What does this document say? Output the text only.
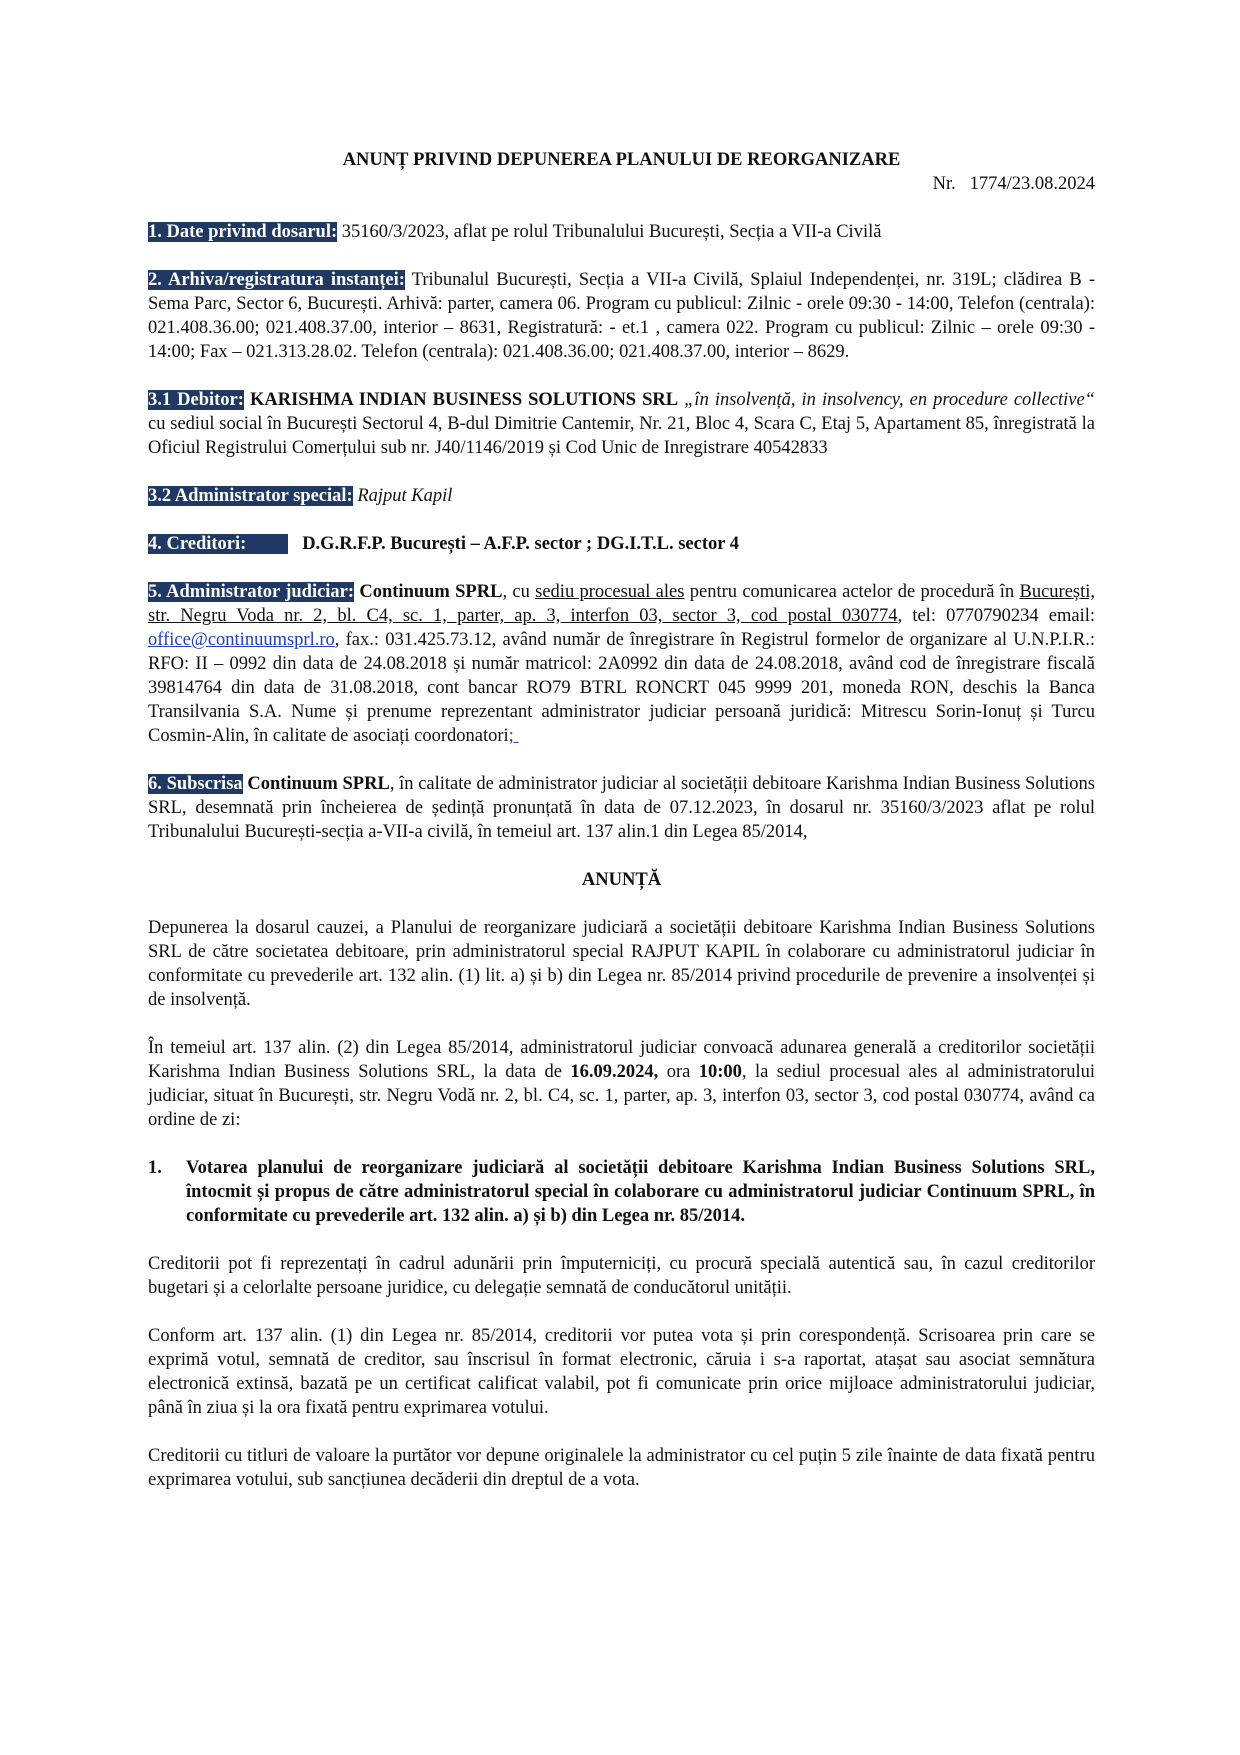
ANUNȚ PRIVIND DEPUNEREA PLANULUI DE REORGANIZARE

Nr.   1774/23.08.2024

1. Date privind dosarul: 35160/3/2023, aflat pe rolul Tribunalului București, Secția a VII-a Civilă

2. Arhiva/registratura instanței: Tribunalul București, Secția a VII-a Civilă, Splaiul Independenței, nr. 319L; clădirea B - Sema Parc, Sector 6, București. Arhivă: parter, camera 06. Program cu publicul: Zilnic - orele 09:30 - 14:00, Telefon (centrala): 021.408.36.00; 021.408.37.00, interior – 8631, Registratură: - et.1 , camera 022. Program cu publicul: Zilnic – orele 09:30 - 14:00; Fax – 021.313.28.02. Telefon (centrala): 021.408.36.00; 021.408.37.00, interior – 8629.

3.1 Debitor: KARISHMA INDIAN BUSINESS SOLUTIONS SRL „în insolvență, in insolvency, en procedure collective“ cu sediul social în București Sectorul 4, B-dul Dimitrie Cantemir, Nr. 21, Bloc 4, Scara C, Etaj 5, Apartament 85, înregistrată la Oficiul Registrului Comerțului sub nr. J40/1146/2019 și Cod Unic de Inregistrare 40542833

3.2 Administrator special: Rajput Kapil

4. Creditori:	D.G.R.F.P. București – A.F.P. sector ; DG.I.T.L. sector 4

5. Administrator judiciar: Continuum SPRL, cu sediu procesual ales pentru comunicarea actelor de procedură în București, str. Negru Voda nr. 2, bl. C4, sc. 1, parter, ap. 3, interfon 03, sector 3, cod postal 030774, tel: 0770790234 email: office@continuumsprl.ro, fax.: 031.425.73.12, având număr de înregistrare în Registrul formelor de organizare al U.N.P.I.R.: RFO: II – 0992 din data de 24.08.2018 și număr matricol: 2A0992 din data de 24.08.2018, având cod de înregistrare fiscală 39814764 din data de 31.08.2018, cont bancar RO79 BTRL RONCRT 045 9999 201, moneda RON, deschis la Banca Transilvania S.A. Nume și prenume reprezentant administrator judiciar persoană juridică: Mitrescu Sorin-Ionuț și Turcu Cosmin-Alin, în calitate de asociați coordonatori;

6. Subscrisa Continuum SPRL, în calitate de administrator judiciar al societății debitoare Karishma Indian Business Solutions SRL, desemnată prin încheierea de ședință pronunțată în data de 07.12.2023, în dosarul nr. 35160/3/2023 aflat pe rolul Tribunalului București-secția a-VII-a civilă, în temeiul art. 137 alin.1 din Legea 85/2014,

ANUNȚĂ

Depunerea la dosarul cauzei, a Planului de reorganizare judiciară a societății debitoare Karishma Indian Business Solutions SRL de către societatea debitoare, prin administratorul special RAJPUT KAPIL în colaborare cu administratorul judiciar în conformitate cu prevederile art. 132 alin. (1) lit. a) și b) din Legea nr. 85/2014 privind procedurile de prevenire a insolvenței și de insolvență.

În temeiul art. 137 alin. (2) din Legea 85/2014, administratorul judiciar convoacă adunarea generală a creditorilor societății Karishma Indian Business Solutions SRL, la data de 16.09.2024, ora 10:00, la sediul procesual ales al administratorului judiciar, situat în București, str. Negru Vodă nr. 2, bl. C4, sc. 1, parter, ap. 3, interfon 03, sector 3, cod postal 030774, având ca ordine de zi:

1.	Votarea planului de reorganizare judiciară al societății debitoare Karishma Indian Business Solutions SRL, întocmit și propus de către administratorul special în colaborare cu administratorul judiciar Continuum SPRL, în conformitate cu prevederile art. 132 alin. a) și b) din Legea nr. 85/2014.

Creditorii pot fi reprezentați în cadrul adunării prin împuterniciți, cu procură specială autentică sau, în cazul creditorilor bugetari și a celorlalte persoane juridice, cu delegație semnată de conducătorul unității.

Conform art. 137 alin. (1) din Legea nr. 85/2014, creditorii vor putea vota și prin corespondență. Scrisoarea prin care se exprimă votul, semnată de creditor, sau înscrisul în format electronic, căruia i s-a raportat, atașat sau asociat semnătura electronică extinsă, bazată pe un certificat calificat valabil, pot fi comunicate prin orice mijloace administratorului judiciar, până în ziua și la ora fixată pentru exprimarea votului.

Creditorii cu titluri de valoare la purtător vor depune originalele la administrator cu cel puțin 5 zile înainte de data fixată pentru exprimarea votului, sub sancțiunea decăderii din dreptul de a vota.
